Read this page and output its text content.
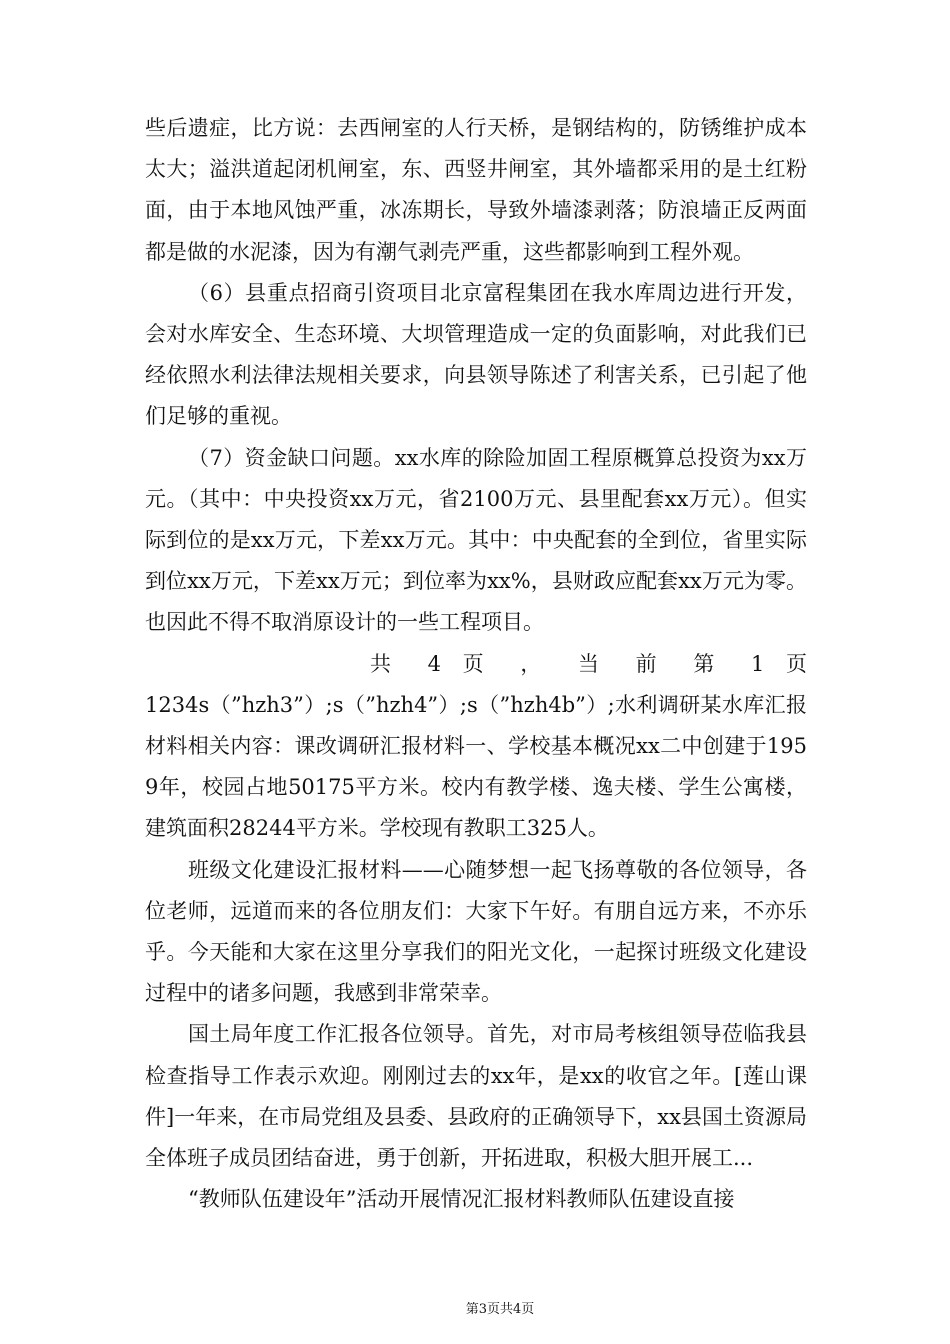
些后遗症，比方说：去西闸室的人行天桥，是钢结构的，防锈维护成本太大；溢洪道起闭机闸室，东、西竖井闸室，其外墙都采用的是土红粉面，由于本地风蚀严重，冰冻期长，导致外墙漆剥落；防浪墙正反两面都是做的水泥漆，因为有潮气剥壳严重，这些都影响到工程外观。

（6）县重点招商引资项目北京富程集团在我水库周边进行开发，会对水库安全、生态环境、大坝管理造成一定的负面影响，对此我们已经依照水利法律法规相关要求，向县领导陈述了利害关系，已引起了他们足够的重视。

（7）资金缺口问题。xx水库的除险加固工程原概算总投资为xx万元。（其中：中央投资xx万元，省2100万元、县里配套xx万元）。但实际到位的是xx万元，下差xx万元。其中：中央配套的全到位，省里实际到位xx万元，下差xx万元；到位率为xx%，县财政应配套xx万元为零。也因此不得不取消原设计的一些工程项目。

共 4 页 ， 当 前 第 1 页

1234s（”hzh3”）;s（”hzh4”）;s（”hzh4b”）;水利调研某水库汇报材料相关内容：课改调研汇报材料一、学校基本概况xx二中创建于1959年，校园占地50175平方米。校内有教学楼、逸夫楼、学生公寓楼，建筑面积28244平方米。学校现有教职工325人。

班级文化建设汇报材料——心随梦想一起飞扬尊敬的各位领导，各位老师，远道而来的各位朋友们：大家下午好。有朋自远方来，不亦乐乎。今天能和大家在这里分享我们的阳光文化，一起探讨班级文化建设过程中的诸多问题，我感到非常荣幸。

国土局年度工作汇报各位领导。首先，对市局考核组领导莅临我县检查指导工作表示欢迎。刚刚过去的xx年，是xx的收官之年。[莲山课件]一年来，在市局党组及县委、县政府的正确领导下，xx县国土资源局全体班子成员团结奋进，勇于创新，开拓进取，积极大胆开展工...

“教师队伍建设年”活动开展情况汇报材料教师队伍建设直接

第3页共4页
